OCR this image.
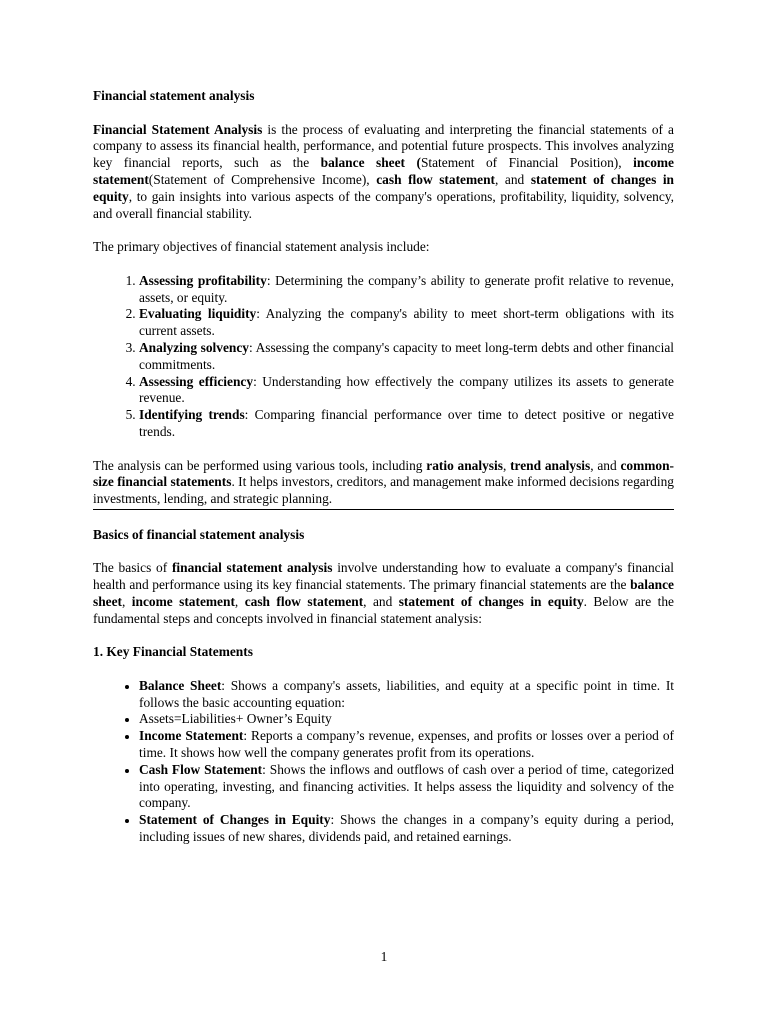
Financial statement analysis

Financial Statement Analysis is the process of evaluating and interpreting the financial statements of a company to assess its financial health, performance, and potential future prospects. This involves analyzing key financial reports, such as the balance sheet (Statement of Financial Position), income statement(Statement of Comprehensive Income), cash flow statement, and statement of changes in equity, to gain insights into various aspects of the company's operations, profitability, liquidity, solvency, and overall financial stability.

The primary objectives of financial statement analysis include:

1. Assessing profitability: Determining the company’s ability to generate profit relative to revenue, assets, or equity.
2. Evaluating liquidity: Analyzing the company's ability to meet short-term obligations with its current assets.
3. Analyzing solvency: Assessing the company's capacity to meet long-term debts and other financial commitments.
4. Assessing efficiency: Understanding how effectively the company utilizes its assets to generate revenue.
5. Identifying trends: Comparing financial performance over time to detect positive or negative trends.

The analysis can be performed using various tools, including ratio analysis, trend analysis, and common-size financial statements. It helps investors, creditors, and management make informed decisions regarding investments, lending, and strategic planning.

Basics of financial statement analysis

The basics of financial statement analysis involve understanding how to evaluate a company's financial health and performance using its key financial statements. The primary financial statements are the balance sheet, income statement, cash flow statement, and statement of changes in equity. Below are the fundamental steps and concepts involved in financial statement analysis:

1. Key Financial Statements

• Balance Sheet: Shows a company's assets, liabilities, and equity at a specific point in time. It follows the basic accounting equation:
• Assets=Liabilities+ Owner’s Equity
• Income Statement: Reports a company’s revenue, expenses, and profits or losses over a period of time. It shows how well the company generates profit from its operations.
• Cash Flow Statement: Shows the inflows and outflows of cash over a period of time, categorized into operating, investing, and financing activities. It helps assess the liquidity and solvency of the company.
• Statement of Changes in Equity: Shows the changes in a company’s equity during a period, including issues of new shares, dividends paid, and retained earnings.
1
